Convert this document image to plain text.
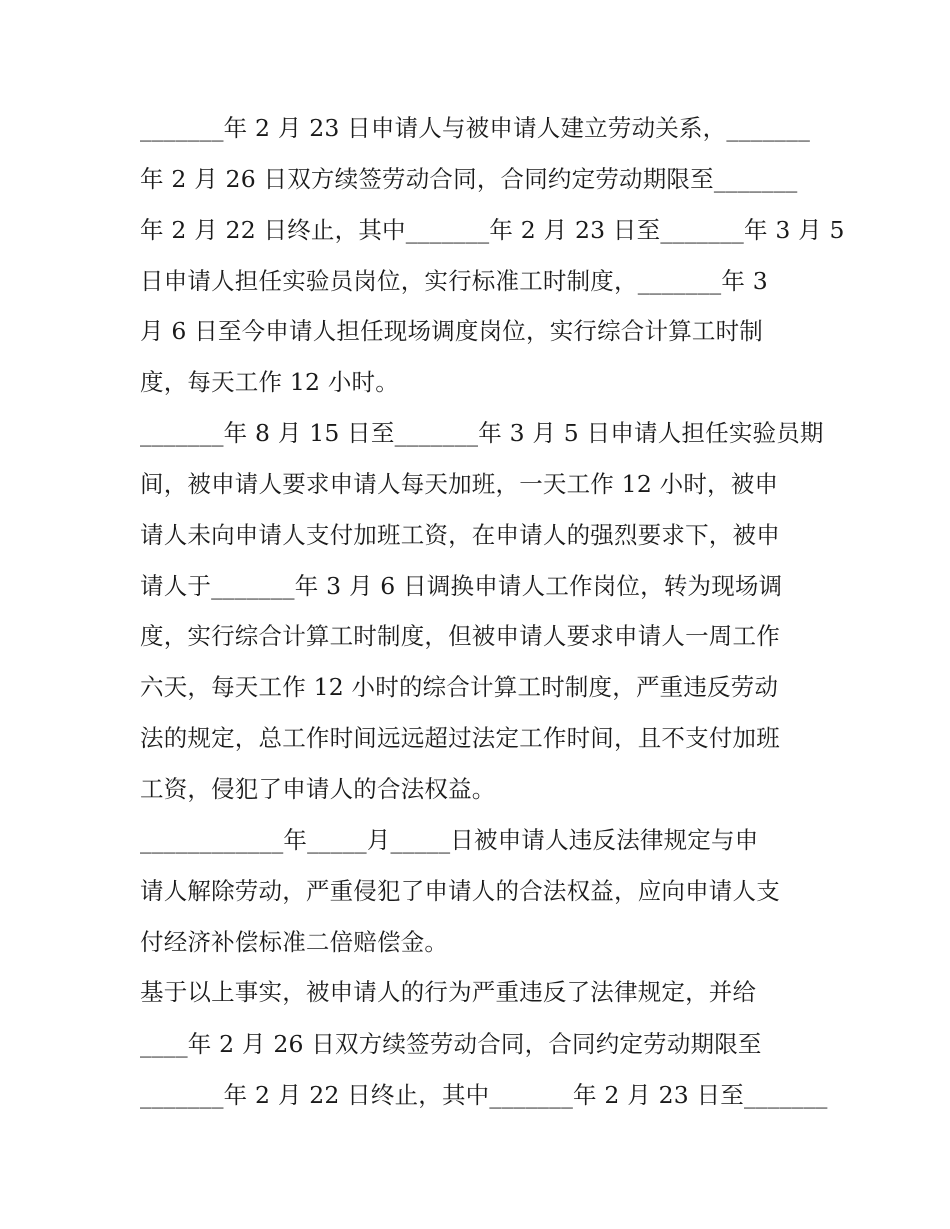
_______年 2 月 23 日申请人与被申请人建立劳动关系，_______
年 2 月 26 日双方续签劳动合同，合同约定劳动期限至_______
年 2 月 22 日终止，其中_______年 2 月 23 日至_______年 3 月 5
日申请人担任实验员岗位，实行标准工时制度，_______年 3
月 6 日至今申请人担任现场调度岗位，实行综合计算工时制
度，每天工作 12 小时。
_______年 8 月 15 日至_______年 3 月 5 日申请人担任实验员期
间，被申请人要求申请人每天加班，一天工作 12 小时，被申
请人未向申请人支付加班工资，在申请人的强烈要求下，被申
请人于_______年 3 月 6 日调换申请人工作岗位，转为现场调
度，实行综合计算工时制度，但被申请人要求申请人一周工作
六天，每天工作 12 小时的综合计算工时制度，严重违反劳动
法的规定，总工作时间远远超过法定工作时间，且不支付加班
工资，侵犯了申请人的合法权益。
____________年_____月_____日被申请人违反法律规定与申
请人解除劳动，严重侵犯了申请人的合法权益，应向申请人支
付经济补偿标准二倍赔偿金。
基于以上事实，被申请人的行为严重违反了法律规定，并给
____年 2 月 26 日双方续签劳动合同，合同约定劳动期限至
_______年 2 月 22 日终止，其中_______年 2 月 23 日至_______
